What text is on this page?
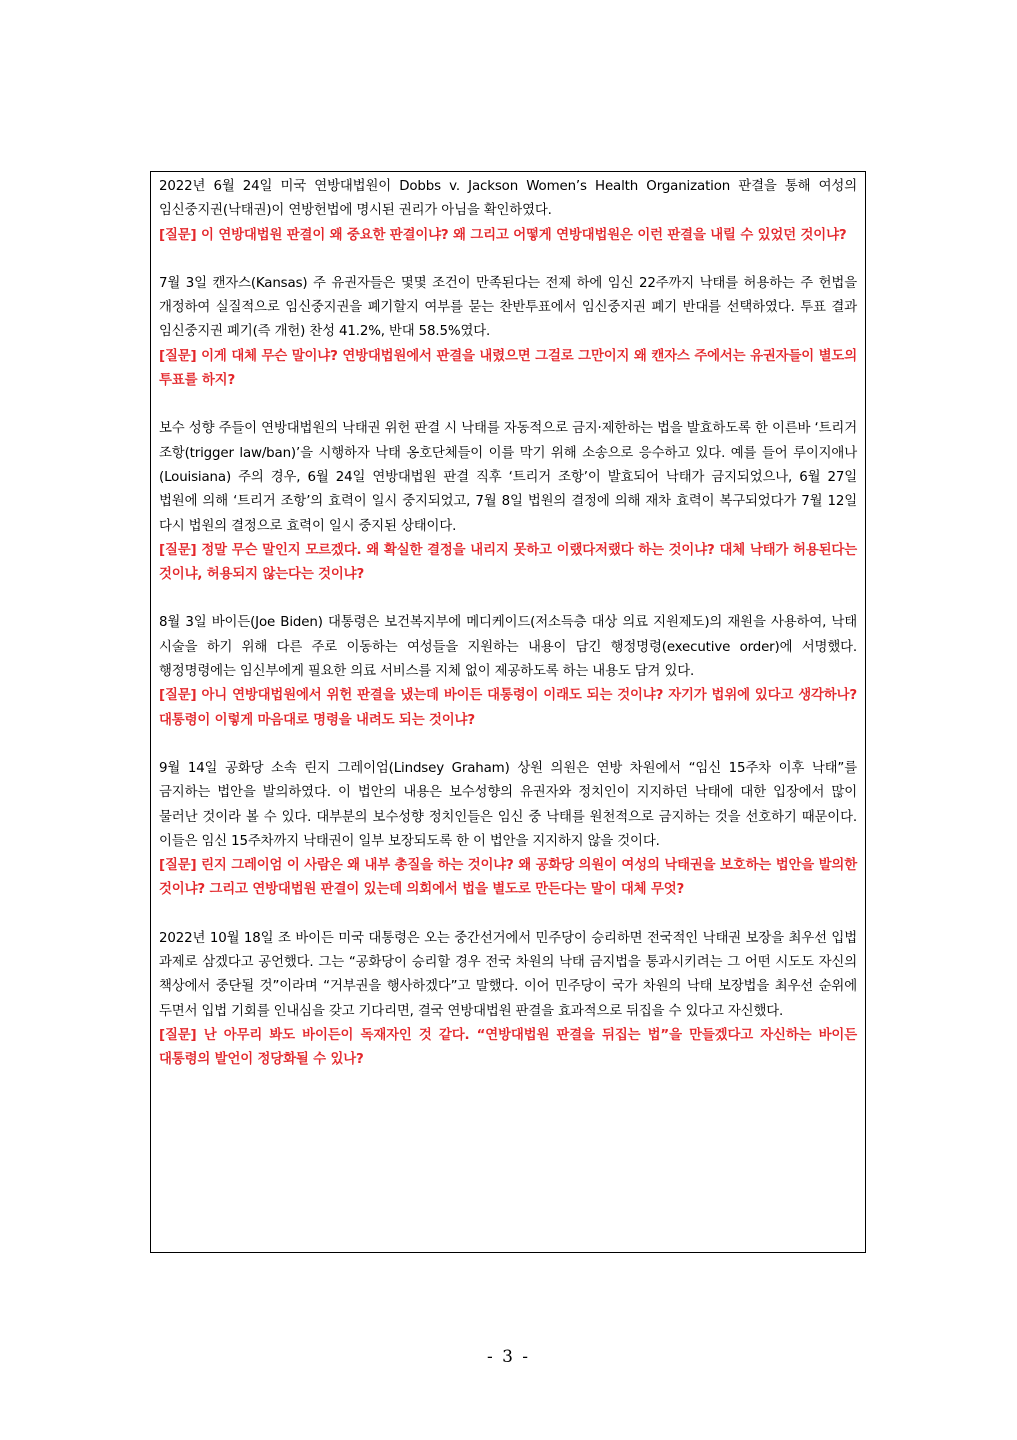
2022년 6월 24일 미국 연방대법원이 Dobbs v. Jackson Women’s Health Organization 판결을 통해 여성의 임신중지권(낙태권)이 연방헌법에 명시된 권리가 아님을 확인하였다.

[질문] 이 연방대법원 판결이 왜 중요한 판결이냐? 왜 그리고 어떻게 연방대법원은 이런 판결을 내릴 수 있었던 것이냐?

7월 3일 캔자스(Kansas) 주 유권자들은 몇몇 조건이 만족된다는 전제 하에 임신 22주까지 낙태를 허용하는 주 헌법을 개정하여 실질적으로 임신중지권을 폐기할지 여부를 묻는 찬반투표에서 임신중지권 폐기 반대를 선택하였다. 투표 결과 임신중지권 폐기(즉 개헌) 찬성 41.2%, 반대 58.5%였다.

[질문] 이게 대체 무슨 말이냐? 연방대법원에서 판결을 내렸으면 그걸로 그만이지 왜 캔자스 주에서는 유권자들이 별도의 투표를 하지?

보수 성향 주들이 연방대법원의 낙태권 위헌 판결 시 낙태를 자동적으로 금지·제한하는 법을 발효하도록 한 이른바 ‘트리거 조항(trigger law/ban)’을 시행하자 낙태 옹호단체들이 이를 막기 위해 소송으로 응수하고 있다. 예를 들어 루이지애나(Louisiana) 주의 경우, 6월 24일 연방대법원 판결 직후 ‘트리거 조항’이 발효되어 낙태가 금지되었으나, 6월 27일 법원에 의해 ‘트리거 조항’의 효력이 일시 중지되었고, 7월 8일 법원의 결정에 의해 재차 효력이 복구되었다가 7월 12일 다시 법원의 결정으로 효력이 일시 중지된 상태이다.

[질문] 정말 무슨 말인지 모르겠다. 왜 확실한 결정을 내리지 못하고 이랬다저랬다 하는 것이냐? 대체 낙태가 허용된다는 것이냐, 허용되지 않는다는 것이냐?

8월 3일 바이든(Joe Biden) 대통령은 보건복지부에 메디케이드(저소득층 대상 의료 지원제도)의 재원을 사용하여, 낙태 시술을 하기 위해 다른 주로 이동하는 여성들을 지원하는 내용이 담긴 행정명령(executive order)에 서명했다. 행정명령에는 임신부에게 필요한 의료 서비스를 지체 없이 제공하도록 하는 내용도 담겨 있다.

[질문] 아니 연방대법원에서 위헌 판결을 냈는데 바이든 대통령이 이래도 되는 것이냐? 자기가 법위에 있다고 생각하나? 대통령이 이렇게 마음대로 명령을 내려도 되는 것이냐?

9월 14일 공화당 소속 린지 그레이엄(Lindsey Graham) 상원 의원은 연방 차원에서 “임신 15주차 이후 낙태”를 금지하는 법안을 발의하였다. 이 법안의 내용은 보수성향의 유권자와 정치인이 지지하던 낙태에 대한 입장에서 많이 물러난 것이라 볼 수 있다. 대부분의 보수성향 정치인들은 임신 중 낙태를 원천적으로 금지하는 것을 선호하기 때문이다. 이들은 임신 15주차까지 낙태권이 일부 보장되도록 한 이 법안을 지지하지 않을 것이다.

[질문] 린지 그레이엄 이 사람은 왜 내부 총질을 하는 것이냐? 왜 공화당 의원이 여성의 낙태권을 보호하는 법안을 발의한 것이냐? 그리고 연방대법원 판결이 있는데 의회에서 법을 별도로 만든다는 말이 대체 무엇?

2022년 10월 18일 조 바이든 미국 대통령은 오는 중간선거에서 민주당이 승리하면 전국적인 낙태권 보장을 최우선 입법 과제로 삼겠다고 공언했다. 그는 “공화당이 승리할 경우 전국 차원의 낙태 금지법을 통과시키려는 그 어떤 시도도 자신의 책상에서 중단될 것”이라며 “거부권을 행사하겠다”고 말했다. 이어 민주당이 국가 차원의 낙태 보장법을 최우선 순위에 두면서 입법 기회를 인내심을 갖고 기다리면, 결국 연방대법원 판결을 효과적으로 뒤집을 수 있다고 자신했다.

[질문] 난 아무리 봐도 바이든이 독재자인 것 같다. “연방대법원 판결을 뒤집는 법”을 만들겠다고 자신하는 바이든 대통령의 발언이 정당화될 수 있나?

- 3 -
